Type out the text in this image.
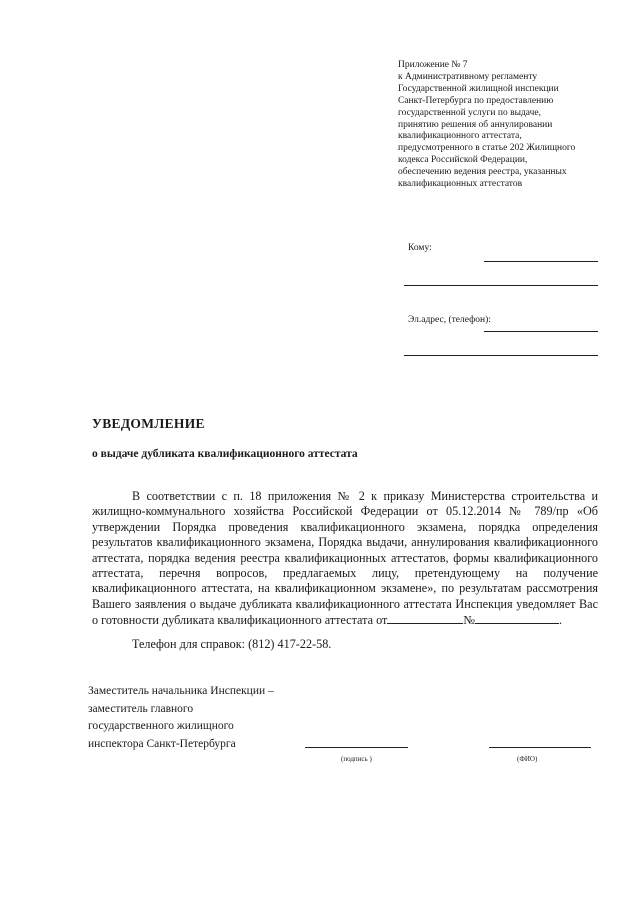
Приложение № 7
к Административному регламенту
Государственной жилищной инспекции
Санкт-Петербурга по предоставлению
государственной услуги по выдаче,
принятию решения об аннулировании
квалификационного аттестата,
предусмотренного в статье 202 Жилищного
кодекса Российской Федерации,
обеспечению ведения реестра, указанных
квалификационных аттестатов
Кому:
Эл.адрес, (телефон):
УВЕДОМЛЕНИЕ
о выдаче дубликата квалификационного аттестата
В соответствии с п. 18 приложения № 2 к приказу Министерства строительства и жилищно-коммунального хозяйства Российской Федерации от 05.12.2014 № 789/пр «Об утверждении Порядка проведения квалификационного экзамена, порядка определения результатов квалификационного экзамена, Порядка выдачи, аннулирования квалификационного аттестата, порядка ведения реестра квалификационных аттестатов, формы квалификационного аттестата, перечня вопросов, предлагаемых лицу, претендующему на получение квалификационного аттестата, на квалификационном экзамене», по результатам рассмотрения Вашего заявления о выдаче дубликата квалификационного аттестата Инспекция уведомляет Вас о готовности дубликата квалификационного аттестата от	№	.
Телефон для справок: (812) 417-22-58.
Заместитель начальника Инспекции –
заместитель главного
государственного жилищного
инспектора Санкт-Петербурга
(подпись )	(ФИО)
